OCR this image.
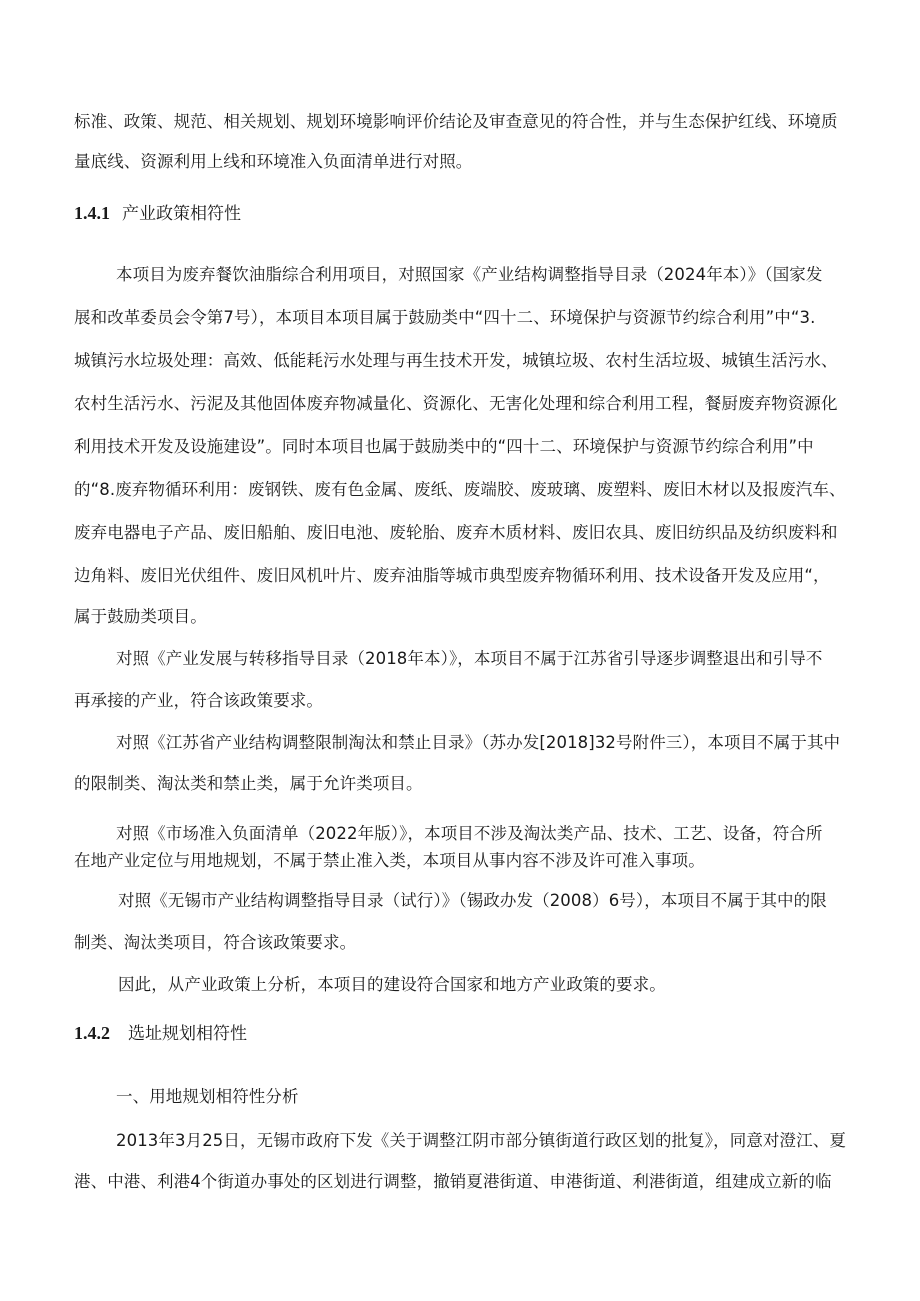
标准、政策、规范、相关规划、规划环境影响评价结论及审查意见的符合性，并与生态保护红线、环境质
量底线、资源利用上线和环境准入负面清单进行对照。
1.4.1 产业政策相符性
本项目为废弃餐饮油脂综合利用项目，对照国家《产业结构调整指导目录（2024年本）》（国家发
展和改革委员会令第7号），本项目本项目属于鼓励类中“四十二、环境保护与资源节约综合利用”中“3.
城镇污水垃圾处理：高效、低能耗污水处理与再生技术开发，城镇垃圾、农村生活垃圾、城镇生活污水、
农村生活污水、污泥及其他固体废弃物减量化、资源化、无害化处理和综合利用工程，餐厨废弃物资源化
利用技术开发及设施建设”。同时本项目也属于鼓励类中的“四十二、环境保护与资源节约综合利用”中
的“8.废弃物循环利用：废钢铁、废有色金属、废纸、废端胶、废玻璃、废塑料、废旧木材以及报废汽车、
废弃电器电子产品、废旧船舶、废旧电池、废轮胎、废弃木质材料、废旧农具、废旧纺织品及纺织废料和
边角料、废旧光伏组件、废旧风机叶片、废弃油脂等城市典型废弃物循环利用、技术设备开发及应用“，
属于鼓励类项目。
对照《产业发展与转移指导目录（2018年本）》，本项目不属于江苏省引导逐步调整退出和引导不
再承接的产业，符合该政策要求。
对照《江苏省产业结构调整限制淘汰和禁止目录》（苏办发[2018]32号附件三），本项目不属于其中
的限制类、淘汰类和禁止类，属于允许类项目。
对照《市场准入负面清单（2022年版）》，本项目不涉及淘汰类产品、技术、工艺、设备，符合所
在地产业定位与用地规划，不属于禁止准入类，本项目从事内容不涉及许可准入事项。
对照《无锡市产业结构调整指导目录（试行）》（锡政办发（2008）6号），本项目不属于其中的限
制类、淘汰类项目，符合该政策要求。
因此，从产业政策上分析，本项目的建设符合国家和地方产业政策的要求。
1.4.2 选址规划相符性
一、用地规划相符性分析
2013年3月25日，无锡市政府下发《关于调整江阴市部分镇街道行政区划的批复》，同意对澄江、夏
港、中港、利港4个街道办事处的区划进行调整，撤销夏港街道、申港街道、利港街道，组建成立新的临
